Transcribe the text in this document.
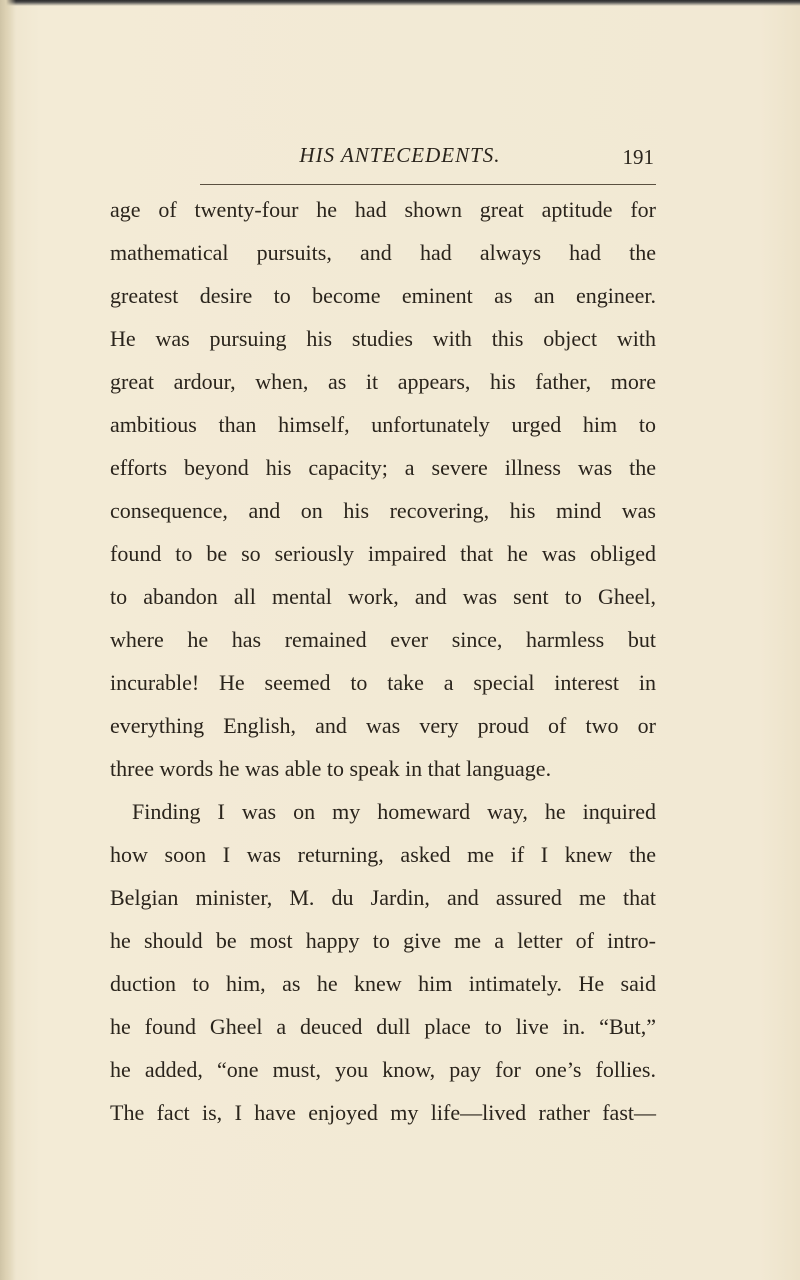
HIS ANTECEDENTS.	191
age of twenty-four he had shown great aptitude for
mathematical pursuits, and had always had the
greatest desire to become eminent as an engineer.
He was pursuing his studies with this object with
great ardour, when, as it appears, his father, more
ambitious than himself, unfortunately urged him to
efforts beyond his capacity; a severe illness was the
consequence, and on his recovering, his mind was
found to be so seriously impaired that he was obliged
to abandon all mental work, and was sent to Gheel,
where he has remained ever since, harmless but
incurable! He seemed to take a special interest in
everything English, and was very proud of two or
three words he was able to speak in that language.
Finding I was on my homeward way, he inquired
how soon I was returning, asked me if I knew the
Belgian minister, M. du Jardin, and assured me that
he should be most happy to give me a letter of intro-
duction to him, as he knew him intimately. He said
he found Gheel a deuced dull place to live in. “But,”
he added, “one must, you know, pay for one’s follies.
The fact is, I have enjoyed my life—lived rather fast—
